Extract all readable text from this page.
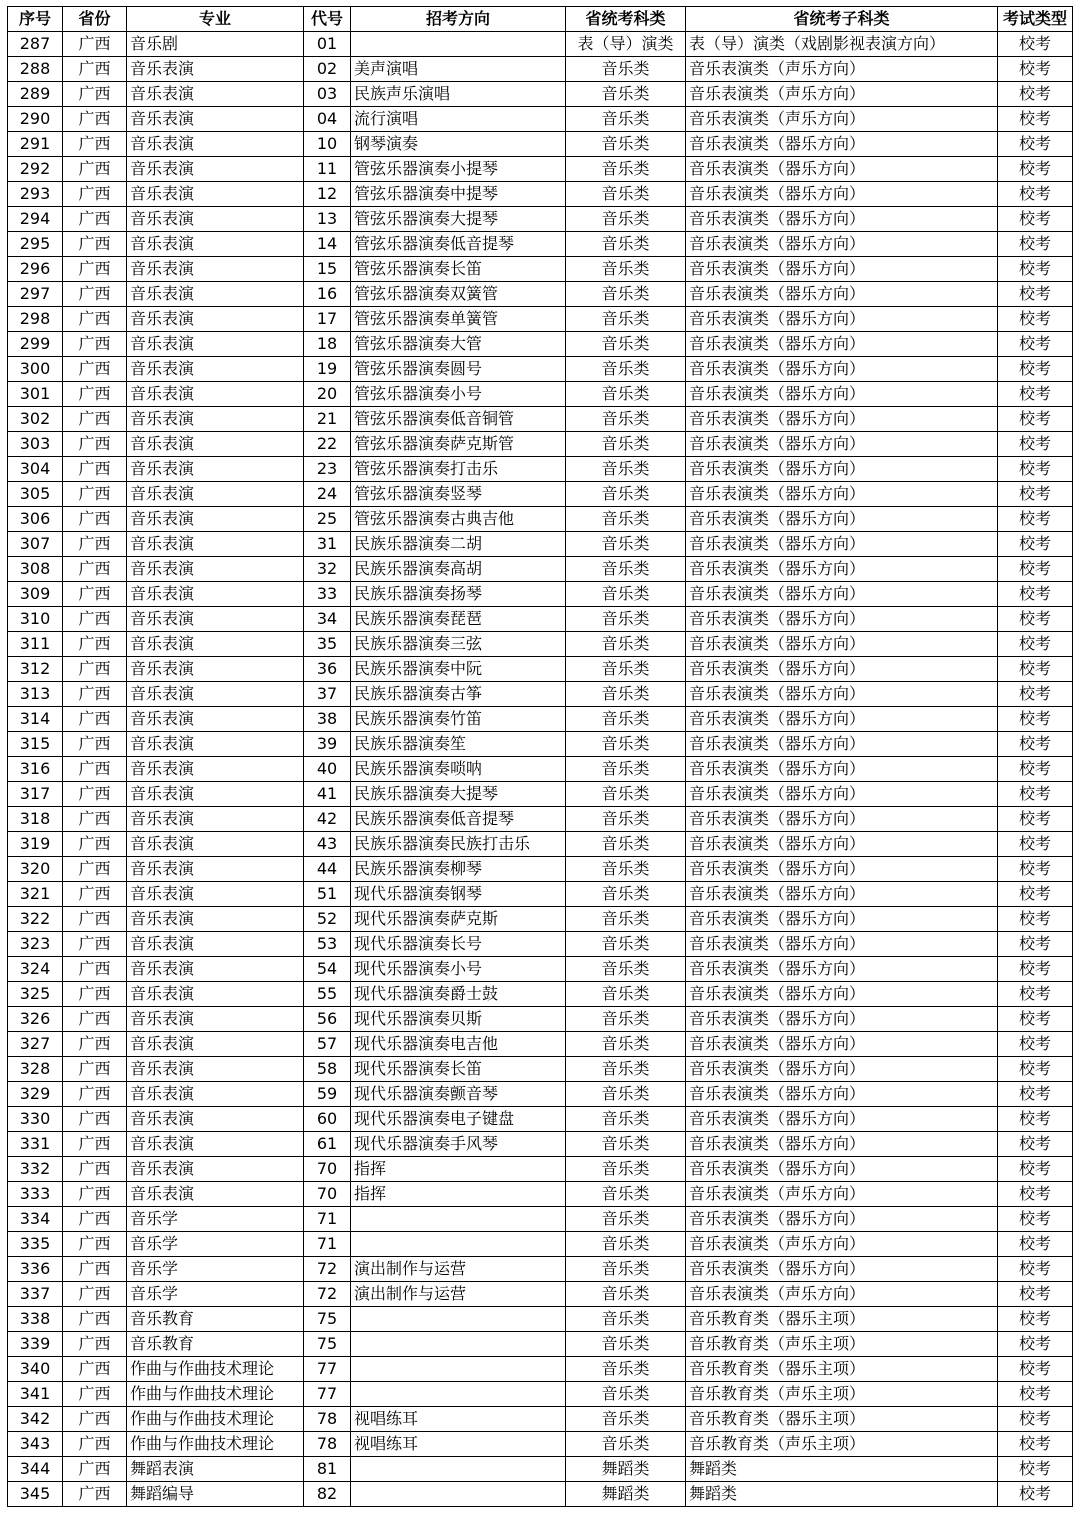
序号	省份	专业	代号	招考方向	省统考科类	省统考子科类	考试类型
287	广西	音乐剧	01		表（导）演类	表（导）演类（戏剧影视表演方向）	校考
288	广西	音乐表演	02	美声演唱	音乐类	音乐表演类（声乐方向）	校考
289	广西	音乐表演	03	民族声乐演唱	音乐类	音乐表演类（声乐方向）	校考
290	广西	音乐表演	04	流行演唱	音乐类	音乐表演类（声乐方向）	校考
291	广西	音乐表演	10	钢琴演奏	音乐类	音乐表演类（器乐方向）	校考
292	广西	音乐表演	11	管弦乐器演奏小提琴	音乐类	音乐表演类（器乐方向）	校考
293	广西	音乐表演	12	管弦乐器演奏中提琴	音乐类	音乐表演类（器乐方向）	校考
294	广西	音乐表演	13	管弦乐器演奏大提琴	音乐类	音乐表演类（器乐方向）	校考
295	广西	音乐表演	14	管弦乐器演奏低音提琴	音乐类	音乐表演类（器乐方向）	校考
296	广西	音乐表演	15	管弦乐器演奏长笛	音乐类	音乐表演类（器乐方向）	校考
297	广西	音乐表演	16	管弦乐器演奏双簧管	音乐类	音乐表演类（器乐方向）	校考
298	广西	音乐表演	17	管弦乐器演奏单簧管	音乐类	音乐表演类（器乐方向）	校考
299	广西	音乐表演	18	管弦乐器演奏大管	音乐类	音乐表演类（器乐方向）	校考
300	广西	音乐表演	19	管弦乐器演奏圆号	音乐类	音乐表演类（器乐方向）	校考
301	广西	音乐表演	20	管弦乐器演奏小号	音乐类	音乐表演类（器乐方向）	校考
302	广西	音乐表演	21	管弦乐器演奏低音铜管	音乐类	音乐表演类（器乐方向）	校考
303	广西	音乐表演	22	管弦乐器演奏萨克斯管	音乐类	音乐表演类（器乐方向）	校考
304	广西	音乐表演	23	管弦乐器演奏打击乐	音乐类	音乐表演类（器乐方向）	校考
305	广西	音乐表演	24	管弦乐器演奏竖琴	音乐类	音乐表演类（器乐方向）	校考
306	广西	音乐表演	25	管弦乐器演奏古典吉他	音乐类	音乐表演类（器乐方向）	校考
307	广西	音乐表演	31	民族乐器演奏二胡	音乐类	音乐表演类（器乐方向）	校考
308	广西	音乐表演	32	民族乐器演奏高胡	音乐类	音乐表演类（器乐方向）	校考
309	广西	音乐表演	33	民族乐器演奏扬琴	音乐类	音乐表演类（器乐方向）	校考
310	广西	音乐表演	34	民族乐器演奏琵琶	音乐类	音乐表演类（器乐方向）	校考
311	广西	音乐表演	35	民族乐器演奏三弦	音乐类	音乐表演类（器乐方向）	校考
312	广西	音乐表演	36	民族乐器演奏中阮	音乐类	音乐表演类（器乐方向）	校考
313	广西	音乐表演	37	民族乐器演奏古筝	音乐类	音乐表演类（器乐方向）	校考
314	广西	音乐表演	38	民族乐器演奏竹笛	音乐类	音乐表演类（器乐方向）	校考
315	广西	音乐表演	39	民族乐器演奏笙	音乐类	音乐表演类（器乐方向）	校考
316	广西	音乐表演	40	民族乐器演奏唢呐	音乐类	音乐表演类（器乐方向）	校考
317	广西	音乐表演	41	民族乐器演奏大提琴	音乐类	音乐表演类（器乐方向）	校考
318	广西	音乐表演	42	民族乐器演奏低音提琴	音乐类	音乐表演类（器乐方向）	校考
319	广西	音乐表演	43	民族乐器演奏民族打击乐	音乐类	音乐表演类（器乐方向）	校考
320	广西	音乐表演	44	民族乐器演奏柳琴	音乐类	音乐表演类（器乐方向）	校考
321	广西	音乐表演	51	现代乐器演奏钢琴	音乐类	音乐表演类（器乐方向）	校考
322	广西	音乐表演	52	现代乐器演奏萨克斯	音乐类	音乐表演类（器乐方向）	校考
323	广西	音乐表演	53	现代乐器演奏长号	音乐类	音乐表演类（器乐方向）	校考
324	广西	音乐表演	54	现代乐器演奏小号	音乐类	音乐表演类（器乐方向）	校考
325	广西	音乐表演	55	现代乐器演奏爵士鼓	音乐类	音乐表演类（器乐方向）	校考
326	广西	音乐表演	56	现代乐器演奏贝斯	音乐类	音乐表演类（器乐方向）	校考
327	广西	音乐表演	57	现代乐器演奏电吉他	音乐类	音乐表演类（器乐方向）	校考
328	广西	音乐表演	58	现代乐器演奏长笛	音乐类	音乐表演类（器乐方向）	校考
329	广西	音乐表演	59	现代乐器演奏颤音琴	音乐类	音乐表演类（器乐方向）	校考
330	广西	音乐表演	60	现代乐器演奏电子键盘	音乐类	音乐表演类（器乐方向）	校考
331	广西	音乐表演	61	现代乐器演奏手风琴	音乐类	音乐表演类（器乐方向）	校考
332	广西	音乐表演	70	指挥	音乐类	音乐表演类（器乐方向）	校考
333	广西	音乐表演	70	指挥	音乐类	音乐表演类（声乐方向）	校考
334	广西	音乐学	71		音乐类	音乐表演类（器乐方向）	校考
335	广西	音乐学	71		音乐类	音乐表演类（声乐方向）	校考
336	广西	音乐学	72	演出制作与运营	音乐类	音乐表演类（器乐方向）	校考
337	广西	音乐学	72	演出制作与运营	音乐类	音乐表演类（声乐方向）	校考
338	广西	音乐教育	75		音乐类	音乐教育类（器乐主项）	校考
339	广西	音乐教育	75		音乐类	音乐教育类（声乐主项）	校考
340	广西	作曲与作曲技术理论	77		音乐类	音乐教育类（器乐主项）	校考
341	广西	作曲与作曲技术理论	77		音乐类	音乐教育类（声乐主项）	校考
342	广西	作曲与作曲技术理论	78	视唱练耳	音乐类	音乐教育类（器乐主项）	校考
343	广西	作曲与作曲技术理论	78	视唱练耳	音乐类	音乐教育类（声乐主项）	校考
344	广西	舞蹈表演	81		舞蹈类	舞蹈类	校考
345	广西	舞蹈编导	82		舞蹈类	舞蹈类	校考
